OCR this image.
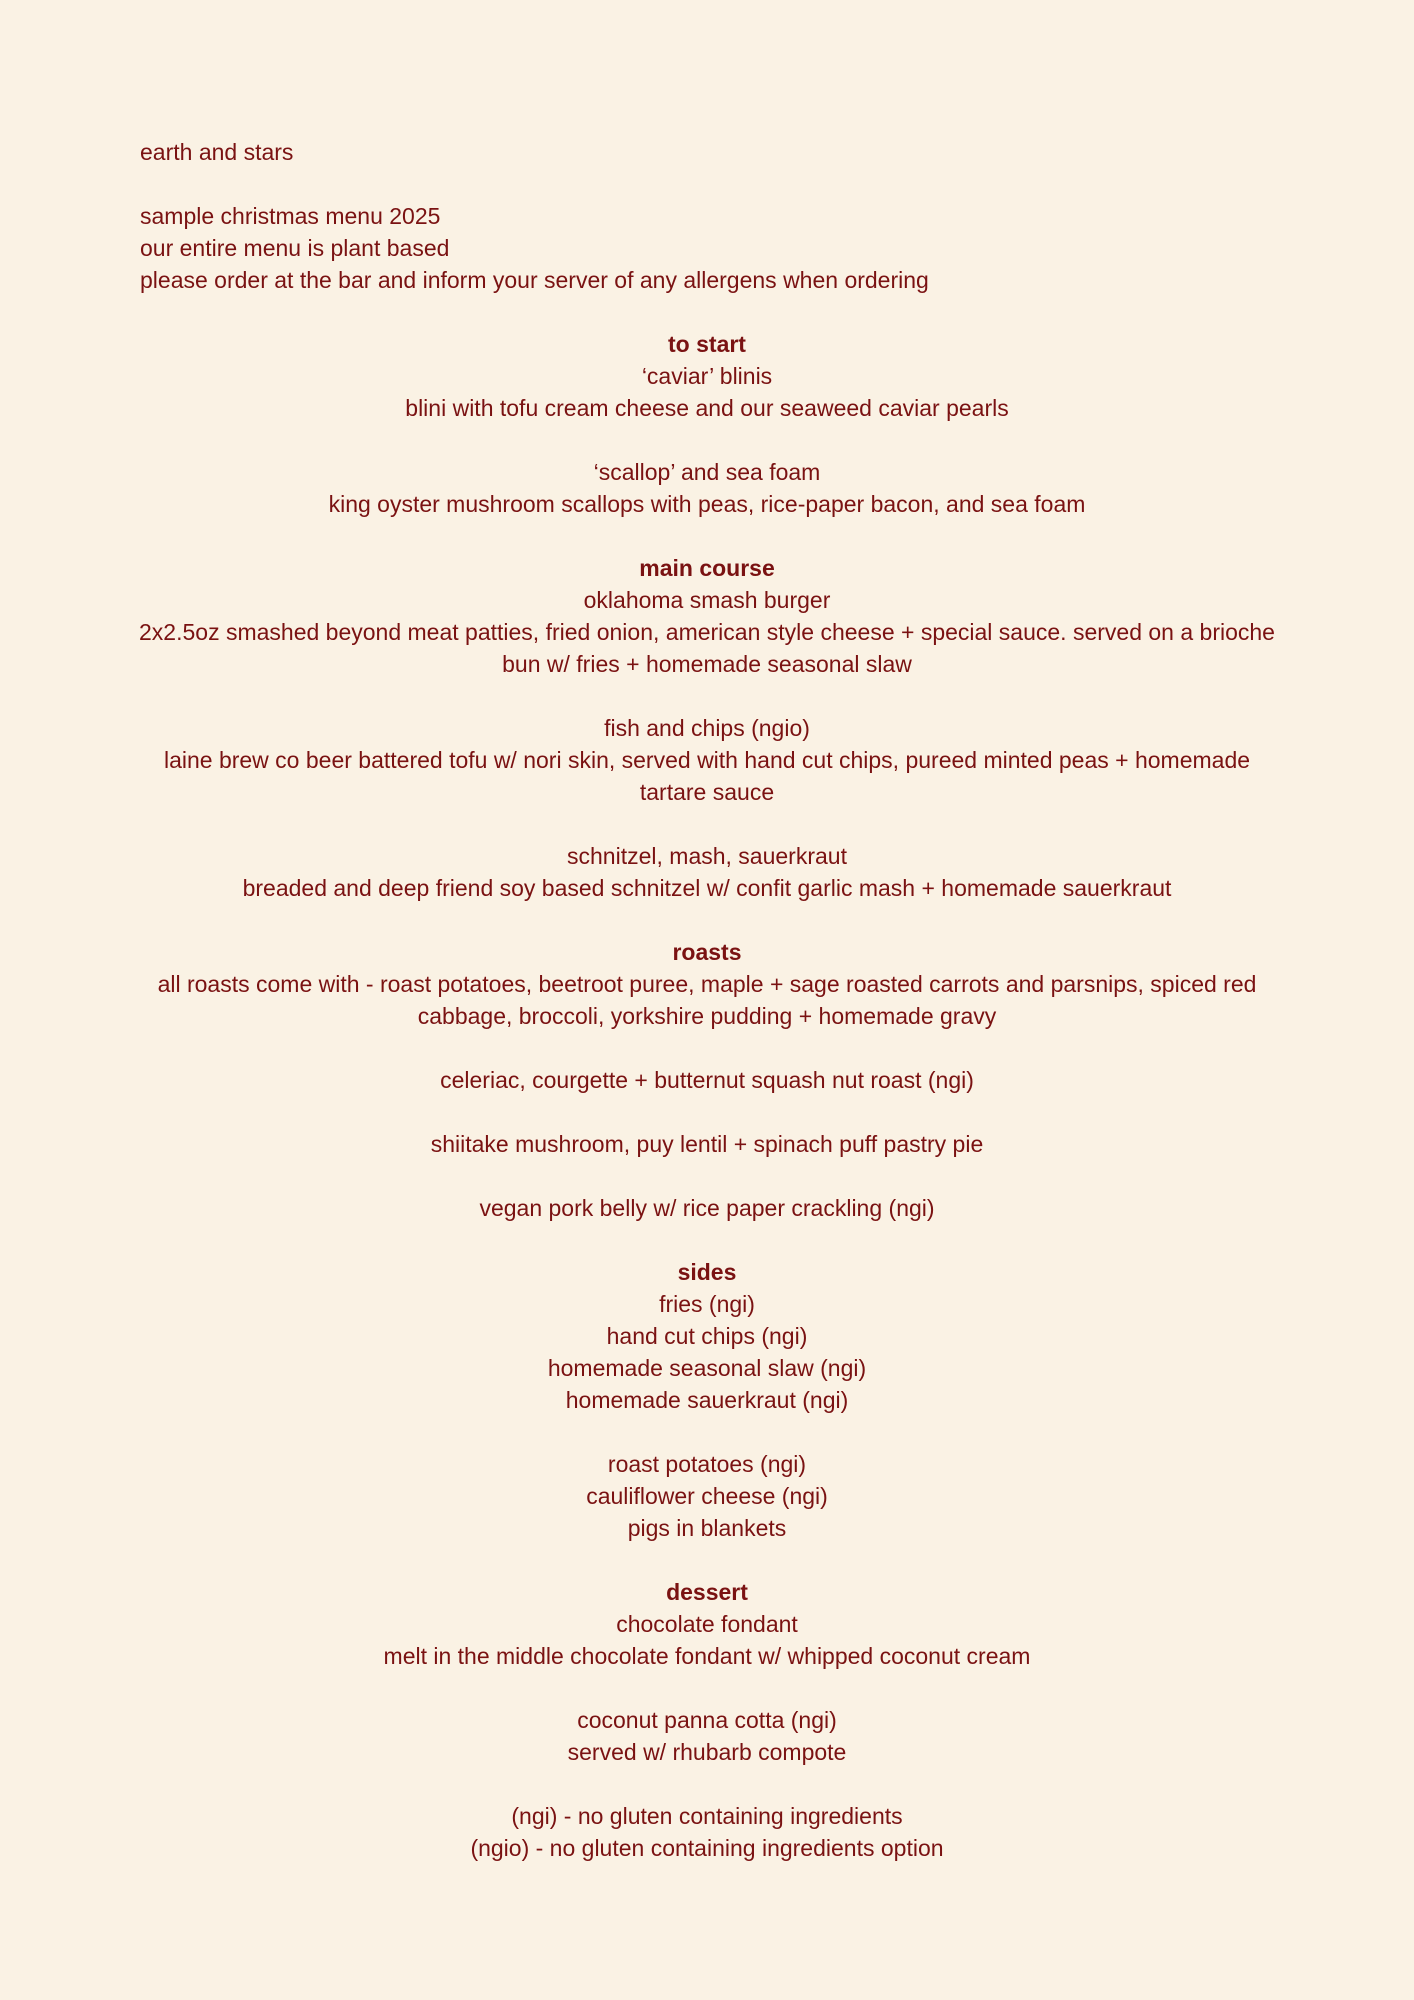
earth and stars
sample christmas menu 2025
our entire menu is plant based
please order at the bar and inform your server of any allergens when ordering
to start
‘caviar’ blinis
blini with tofu cream cheese and our seaweed caviar pearls
‘scallop’ and sea foam
king oyster mushroom scallops with peas, rice-paper bacon, and sea foam
main course
oklahoma smash burger
2x2.5oz smashed beyond meat patties, fried onion, american style cheese + special sauce. served on a brioche bun w/ fries + homemade seasonal slaw
fish and chips (ngio)
laine brew co beer battered tofu w/ nori skin, served with hand cut chips, pureed minted peas + homemade tartare sauce
schnitzel, mash, sauerkraut
breaded and deep friend soy based schnitzel w/ confit garlic mash + homemade sauerkraut
roasts
all roasts come with - roast potatoes, beetroot puree, maple + sage roasted carrots and parsnips, spiced red cabbage, broccoli, yorkshire pudding + homemade gravy
celeriac, courgette + butternut squash nut roast (ngi)
shiitake mushroom, puy lentil + spinach puff pastry pie
vegan pork belly w/ rice paper crackling (ngi)
sides
fries (ngi)
hand cut chips (ngi)
homemade seasonal slaw (ngi)
homemade sauerkraut (ngi)
roast potatoes (ngi)
cauliflower cheese (ngi)
pigs in blankets
dessert
chocolate fondant
melt in the middle chocolate fondant w/ whipped coconut cream
coconut panna cotta (ngi)
served w/ rhubarb compote
(ngi) - no gluten containing ingredients
(ngio) - no gluten containing ingredients option
